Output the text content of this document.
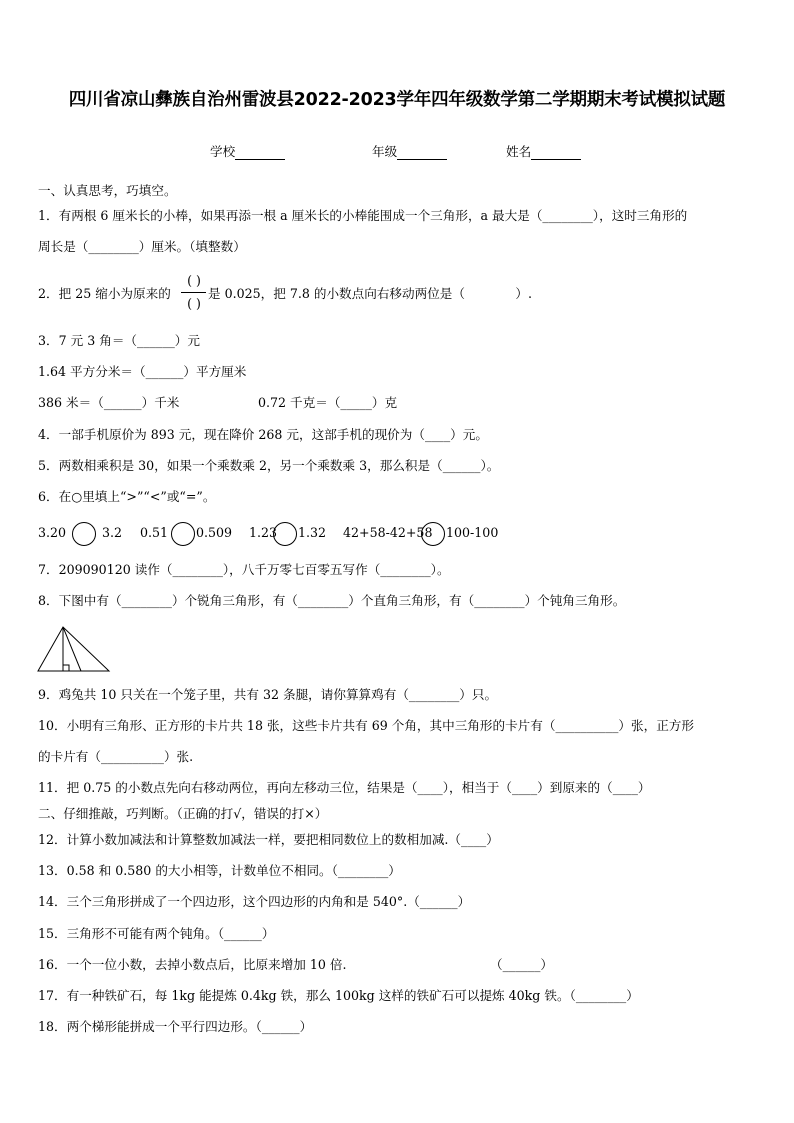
四川省凉山彝族自治州雷波县2022-2023学年四年级数学第二学期期末考试模拟试题
学校	年级	姓名
一、认真思考，巧填空。
1．有两根 6 厘米长的小棒，如果再添一根 a 厘米长的小棒能围成一个三角形，a 最大是（________），这时三角形的
周长是（________）厘米。（填整数）
2．把 25 缩小为原来的
( )
( )
是 0.025，把 7.8 的小数点向右移动两位是（　　　　）.
3．7 元 3 角＝（______）元
1.64 平方分米＝（______）平方厘米
386 米＝（______）千米	0.72 千克＝（_____）克
4．一部手机原价为 893 元，现在降价 268 元，这部手机的现价为（____）元。
5．两数相乘积是 30，如果一个乘数乘 2，另一个乘数乘 3，那么积是（______）。
6．在○里填上“>”“<”或“=”。
3.20	3.2 0.51 0.509 1.23 1.32 42+58-42+58 100-100
7．209090120 读作（________），八千万零七百零五写作（________）。
8．下图中有（________）个锐角三角形，有（________）个直角三角形，有（________）个钝角三角形。
9．鸡兔共 10 只关在一个笼子里，共有 32 条腿，请你算算鸡有（________）只。
10．小明有三角形、正方形的卡片共 18 张，这些卡片共有 69 个角，其中三角形的卡片有（__________）张，正方形
的卡片有（__________）张.
11．把 0.75 的小数点先向右移动两位，再向左移动三位，结果是（____），相当于（____）到原来的（____）
二、仔细推敲，巧判断。（正确的打√，错误的打×）
12．计算小数加减法和计算整数加减法一样，要把相同数位上的数相加减.（____）
13．0.58 和 0.580 的大小相等，计数单位不相同。（________）
14．三个三角形拼成了一个四边形，这个四边形的内角和是 540°.（______）
15．三角形不可能有两个钝角。（______）
16．一个一位小数，去掉小数点后，比原来增加 10 倍.	（______）
17．有一种铁矿石，每 1kg 能提炼 0.4kg 铁，那么 100kg 这样的铁矿石可以提炼 40kg 铁。（________）
18．两个梯形能拼成一个平行四边形。（______）
